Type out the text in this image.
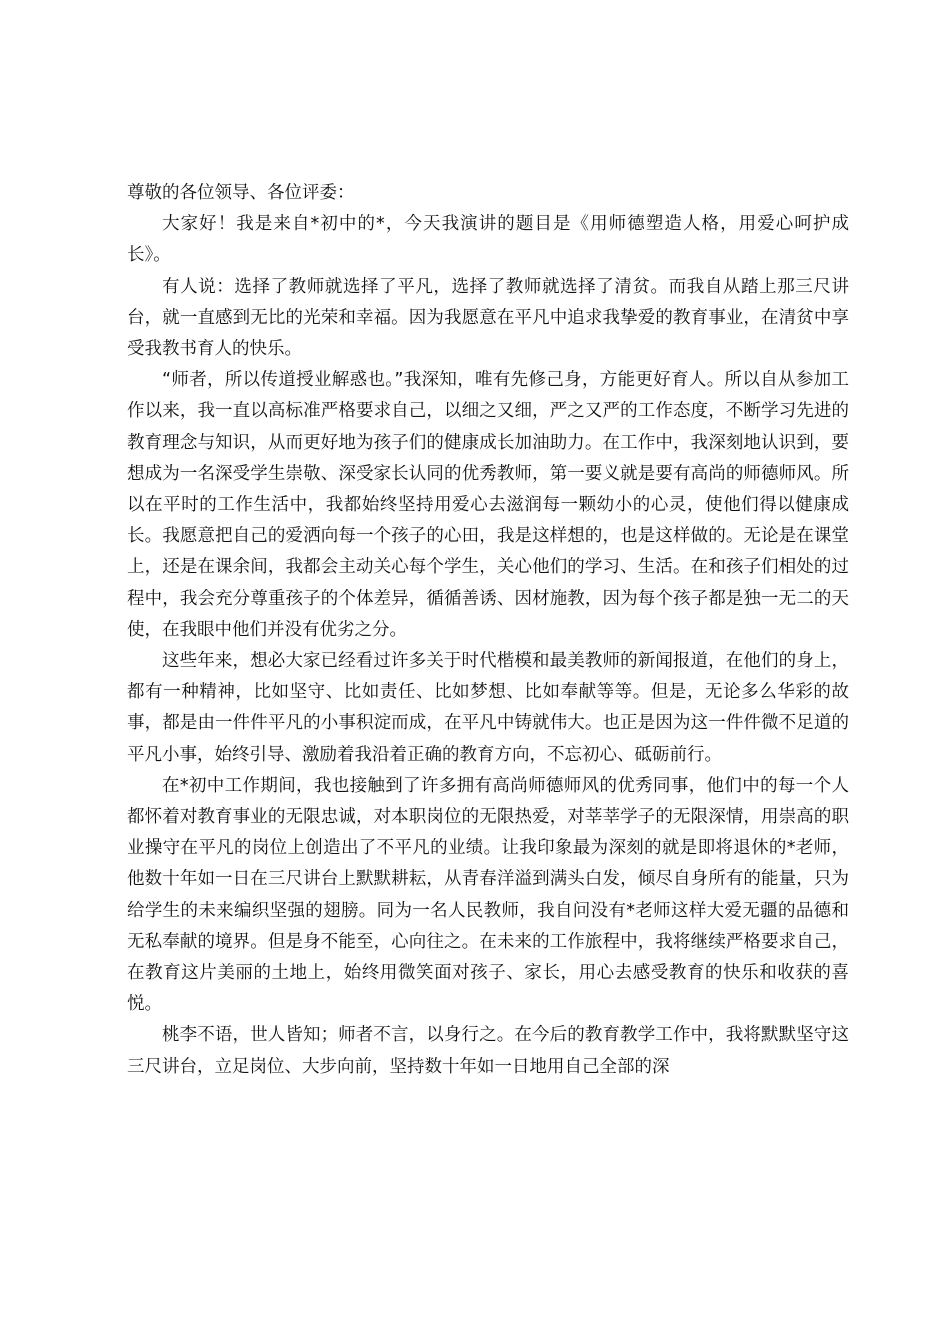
尊敬的各位领导、各位评委：

大家好！我是来自*初中的*，今天我演讲的题目是《用师德塑造人格，用爱心呵护成长》。

有人说：选择了教师就选择了平凡，选择了教师就选择了清贫。而我自从踏上那三尺讲台，就一直感到无比的光荣和幸福。因为我愿意在平凡中追求我挚爱的教育事业，在清贫中享受我教书育人的快乐。

“师者，所以传道授业解惑也。”我深知，唯有先修己身，方能更好育人。所以自从参加工作以来，我一直以高标准严格要求自己，以细之又细，严之又严的工作态度，不断学习先进的教育理念与知识，从而更好地为孩子们的健康成长加油助力。在工作中，我深刻地认识到，要想成为一名深受学生崇敬、深受家长认同的优秀教师，第一要义就是要有高尚的师德师风。所以在平时的工作生活中，我都始终坚持用爱心去滋润每一颗幼小的心灵，使他们得以健康成长。我愿意把自己的爱洒向每一个孩子的心田，我是这样想的，也是这样做的。无论是在课堂上，还是在课余间，我都会主动关心每个学生，关心他们的学习、生活。在和孩子们相处的过程中，我会充分尊重孩子的个体差异，循循善诱、因材施教，因为每个孩子都是独一无二的天使，在我眼中他们并没有优劣之分。

这些年来，想必大家已经看过许多关于时代楷模和最美教师的新闻报道，在他们的身上，都有一种精神，比如坚守、比如责任、比如梦想、比如奉献等等。但是，无论多么华彩的故事，都是由一件件平凡的小事积淀而成，在平凡中铸就伟大。也正是因为这一件件微不足道的平凡小事，始终引导、激励着我沿着正确的教育方向，不忘初心、砥砺前行。

在*初中工作期间，我也接触到了许多拥有高尚师德师风的优秀同事，他们中的每一个人都怀着对教育事业的无限忠诚，对本职岗位的无限热爱，对莘莘学子的无限深情，用崇高的职业操守在平凡的岗位上创造出了不平凡的业绩。让我印象最为深刻的就是即将退休的*老师，他数十年如一日在三尺讲台上默默耕耘，从青春洋溢到满头白发，倾尽自身所有的能量，只为给学生的未来编织坚强的翅膀。同为一名人民教师，我自问没有*老师这样大爱无疆的品德和无私奉献的境界。但是身不能至，心向往之。在未来的工作旅程中，我将继续严格要求自己，在教育这片美丽的土地上，始终用微笑面对孩子、家长，用心去感受教育的快乐和收获的喜悦。

桃李不语，世人皆知；师者不言，以身行之。在今后的教育教学工作中，我将默默坚守这三尺讲台，立足岗位、大步向前，坚持数十年如一日地用自己全部的深
